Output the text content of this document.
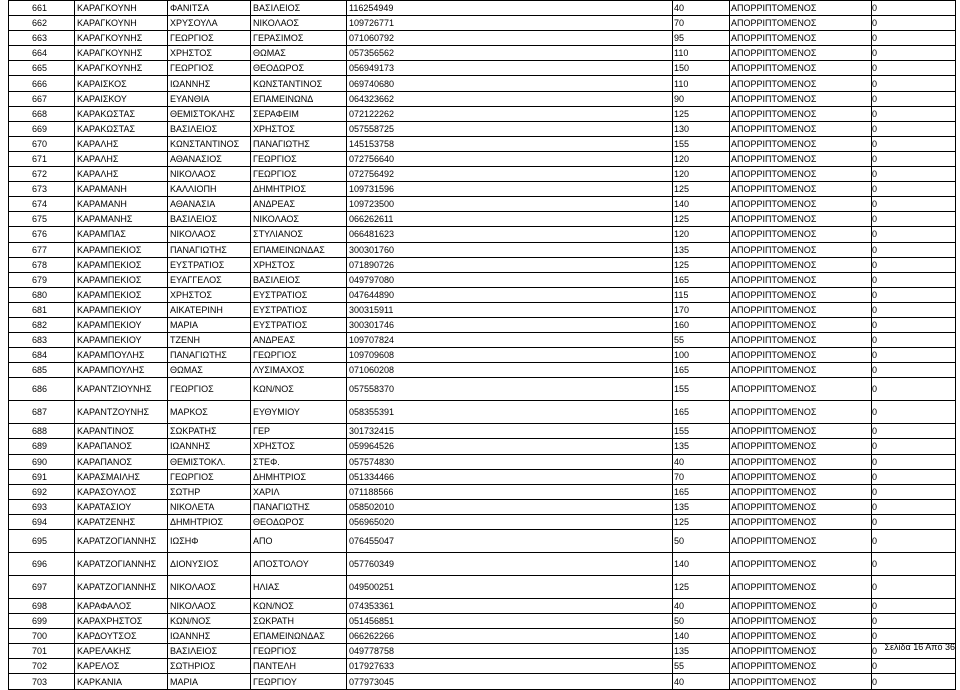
661	ΚΑΡΑΓΚΟΥΝΗ	ΦΑΝΙΤΣΑ	ΒΑΣΙΛΕΙΟΣ	116254949	40	ΑΠΟΡΡΙΠΤΟΜΕΝΟΣ	0
662	ΚΑΡΑΓΚΟΥΝΗ	ΧΡΥΣΟΥΛΑ	ΝΙΚΟΛΑΟΣ	109726771	70	ΑΠΟΡΡΙΠΤΟΜΕΝΟΣ	0
663	ΚΑΡΑΓΚΟΥΝΗΣ	ΓΕΩΡΓΙΟΣ	ΓΕΡΑΣΙΜΟΣ	071060792	95	ΑΠΟΡΡΙΠΤΟΜΕΝΟΣ	0
664	ΚΑΡΑΓΚΟΥΝΗΣ	ΧΡΗΣΤΟΣ	ΘΩΜΑΣ	057356562	110	ΑΠΟΡΡΙΠΤΟΜΕΝΟΣ	0
665	ΚΑΡΑΓΚΟΥΝΗΣ	ΓΕΩΡΓΙΟΣ	ΘΕΟΔΩΡΟΣ	056949173	150	ΑΠΟΡΡΙΠΤΟΜΕΝΟΣ	0
666	ΚΑΡΑΙΣΚΟΣ	ΙΩΑΝΝΗΣ	ΚΩΝΣΤΑΝΤΙΝΟΣ	069740680	110	ΑΠΟΡΡΙΠΤΟΜΕΝΟΣ	0
667	ΚΑΡΑΙΣΚΟΥ	ΕΥΑΝΘΙΑ	ΕΠΑΜΕΙΝΩΝΔ	064323662	90	ΑΠΟΡΡΙΠΤΟΜΕΝΟΣ	0
668	ΚΑΡΑΚΩΣΤΑΣ	ΘΕΜΙΣΤΟΚΛΗΣ	ΣΕΡΑΦΕΙΜ	072122262	125	ΑΠΟΡΡΙΠΤΟΜΕΝΟΣ	0
669	ΚΑΡΑΚΩΣΤΑΣ	ΒΑΣΙΛΕΙΟΣ	ΧΡΗΣΤΟΣ	057558725	130	ΑΠΟΡΡΙΠΤΟΜΕΝΟΣ	0
670	ΚΑΡΑΛΗΣ	ΚΩΝΣΤΑΝΤΙΝΟΣ	ΠΑΝΑΓΙΩΤΗΣ	145153758	155	ΑΠΟΡΡΙΠΤΟΜΕΝΟΣ	0
671	ΚΑΡΑΛΗΣ	ΑΘΑΝΑΣΙΟΣ	ΓΕΩΡΓΙΟΣ	072756640	120	ΑΠΟΡΡΙΠΤΟΜΕΝΟΣ	0
672	ΚΑΡΑΛΗΣ	ΝΙΚΟΛΑΟΣ	ΓΕΩΡΓΙΟΣ	072756492	120	ΑΠΟΡΡΙΠΤΟΜΕΝΟΣ	0
673	ΚΑΡΑΜΑΝΗ	ΚΑΛΛΙΟΠΗ	ΔΗΜΗΤΡΙΟΣ	109731596	125	ΑΠΟΡΡΙΠΤΟΜΕΝΟΣ	0
674	ΚΑΡΑΜΑΝΗ	ΑΘΑΝΑΣΙΑ	ΑΝΔΡΕΑΣ	109723500	140	ΑΠΟΡΡΙΠΤΟΜΕΝΟΣ	0
675	ΚΑΡΑΜΑΝΗΣ	ΒΑΣΙΛΕΙΟΣ	ΝΙΚΟΛΑΟΣ	066262611	125	ΑΠΟΡΡΙΠΤΟΜΕΝΟΣ	0
676	ΚΑΡΑΜΠΑΣ	ΝΙΚΟΛΑΟΣ	ΣΤΥΛΙΑΝΟΣ	066481623	120	ΑΠΟΡΡΙΠΤΟΜΕΝΟΣ	0
677	ΚΑΡΑΜΠΕΚΙΟΣ	ΠΑΝΑΓΙΩΤΗΣ	ΕΠΑΜΕΙΝΩΝΔΑΣ	300301760	135	ΑΠΟΡΡΙΠΤΟΜΕΝΟΣ	0
678	ΚΑΡΑΜΠΕΚΙΟΣ	ΕΥΣΤΡΑΤΙΟΣ	ΧΡΗΣΤΟΣ	071890726	125	ΑΠΟΡΡΙΠΤΟΜΕΝΟΣ	0
679	ΚΑΡΑΜΠΕΚΙΟΣ	ΕΥΑΓΓΕΛΟΣ	ΒΑΣΙΛΕΙΟΣ	049797080	165	ΑΠΟΡΡΙΠΤΟΜΕΝΟΣ	0
680	ΚΑΡΑΜΠΕΚΙΟΣ	ΧΡΗΣΤΟΣ	ΕΥΣΤΡΑΤΙΟΣ	047644890	115	ΑΠΟΡΡΙΠΤΟΜΕΝΟΣ	0
681	ΚΑΡΑΜΠΕΚΙΟΥ	ΑΙΚΑΤΕΡΙΝΗ	ΕΥΣΤΡΑΤΙΟΣ	300315911	170	ΑΠΟΡΡΙΠΤΟΜΕΝΟΣ	0
682	ΚΑΡΑΜΠΕΚΙΟΥ	ΜΑΡΙΑ	ΕΥΣΤΡΑΤΙΟΣ	300301746	160	ΑΠΟΡΡΙΠΤΟΜΕΝΟΣ	0
683	ΚΑΡΑΜΠΕΚΙΟΥ	ΤΖΕΝΗ	ΑΝΔΡΕΑΣ	109707824	55	ΑΠΟΡΡΙΠΤΟΜΕΝΟΣ	0
684	ΚΑΡΑΜΠΟΥΛΗΣ	ΠΑΝΑΓΙΩΤΗΣ	ΓΕΩΡΓΙΟΣ	109709608	100	ΑΠΟΡΡΙΠΤΟΜΕΝΟΣ	0
685	ΚΑΡΑΜΠΟΥΛΗΣ	ΘΩΜΑΣ	ΛΥΣΙΜΑΧΟΣ	071060208	165	ΑΠΟΡΡΙΠΤΟΜΕΝΟΣ	0
686	ΚΑΡΑΝΤΖΙΟΥΝΗΣ	ΓΕΩΡΓΙΟΣ	ΚΩΝ/ΝΟΣ	057558370	155	ΑΠΟΡΡΙΠΤΟΜΕΝΟΣ	0
687	ΚΑΡΑΝΤΖΟΥΝΗΣ	ΜΑΡΚΟΣ	ΕΥΘΥΜΙΟΥ	058355391	165	ΑΠΟΡΡΙΠΤΟΜΕΝΟΣ	0
688	ΚΑΡΑΝΤΙΝΟΣ	ΣΩΚΡΑΤΗΣ	ΓΕΡ	301732415	155	ΑΠΟΡΡΙΠΤΟΜΕΝΟΣ	0
689	ΚΑΡΑΠΑΝΟΣ	ΙΩΑΝΝΗΣ	ΧΡΗΣΤΟΣ	059964526	135	ΑΠΟΡΡΙΠΤΟΜΕΝΟΣ	0
690	ΚΑΡΑΠΑΝΟΣ	ΘΕΜΙΣΤΟΚΛ.	ΣΤΕΦ.	057574830	40	ΑΠΟΡΡΙΠΤΟΜΕΝΟΣ	0
691	ΚΑΡΑΣΜΑΙΛΗΣ	ΓΕΩΡΓΙΟΣ	ΔΗΜΗΤΡΙΟΣ	051334466	70	ΑΠΟΡΡΙΠΤΟΜΕΝΟΣ	0
692	ΚΑΡΑΣΟΥΛΟΣ	ΣΩΤΗΡ	ΧΑΡΙΛ	071188566	165	ΑΠΟΡΡΙΠΤΟΜΕΝΟΣ	0
693	ΚΑΡΑΤΑΣΙΟΥ	ΝΙΚΟΛΕΤΑ	ΠΑΝΑΓΙΩΤΗΣ	058502010	135	ΑΠΟΡΡΙΠΤΟΜΕΝΟΣ	0
694	ΚΑΡΑΤΖΕΝΗΣ	ΔΗΜΗΤΡΙΟΣ	ΘΕΟΔΩΡΟΣ	056965020	125	ΑΠΟΡΡΙΠΤΟΜΕΝΟΣ	0
695	ΚΑΡΑΤΖΟΓΙΑΝΝΗΣ	ΙΩΣΗΦ	ΑΠΟ	076455047	50	ΑΠΟΡΡΙΠΤΟΜΕΝΟΣ	0
696	ΚΑΡΑΤΖΟΓΙΑΝΝΗΣ	ΔΙΟΝΥΣΙΟΣ	ΑΠΟΣΤΟΛΟΥ	057760349	140	ΑΠΟΡΡΙΠΤΟΜΕΝΟΣ	0
697	ΚΑΡΑΤΖΟΓΙΑΝΝΗΣ	ΝΙΚΟΛΑΟΣ	ΗΛΙΑΣ	049500251	125	ΑΠΟΡΡΙΠΤΟΜΕΝΟΣ	0
698	ΚΑΡΑΦΑΛΟΣ	ΝΙΚΟΛΑΟΣ	ΚΩΝ/ΝΟΣ	074353361	40	ΑΠΟΡΡΙΠΤΟΜΕΝΟΣ	0
699	ΚΑΡΑΧΡΗΣΤΟΣ	ΚΩΝ/ΝΟΣ	ΣΩΚΡΑΤΗ	051456851	50	ΑΠΟΡΡΙΠΤΟΜΕΝΟΣ	0
700	ΚΑΡΔΟΥΤΣΟΣ	ΙΩΑΝΝΗΣ	ΕΠΑΜΕΙΝΩΝΔΑΣ	066262266	140	ΑΠΟΡΡΙΠΤΟΜΕΝΟΣ	0
701	ΚΑΡΕΛΑΚΗΣ	ΒΑΣΙΛΕΙΟΣ	ΓΕΩΡΓΙΟΣ	049778758	135	ΑΠΟΡΡΙΠΤΟΜΕΝΟΣ	0
702	ΚΑΡΕΛΟΣ	ΣΩΤΗΡΙΟΣ	ΠΑΝΤΕΛΗ	017927633	55	ΑΠΟΡΡΙΠΤΟΜΕΝΟΣ	0
703	ΚΑΡΚΑΝΙΑ	ΜΑΡΙΑ	ΓΕΩΡΓΙΟΥ	077973045	40	ΑΠΟΡΡΙΠΤΟΜΕΝΟΣ	0
Σελίδα 16 Από 36
